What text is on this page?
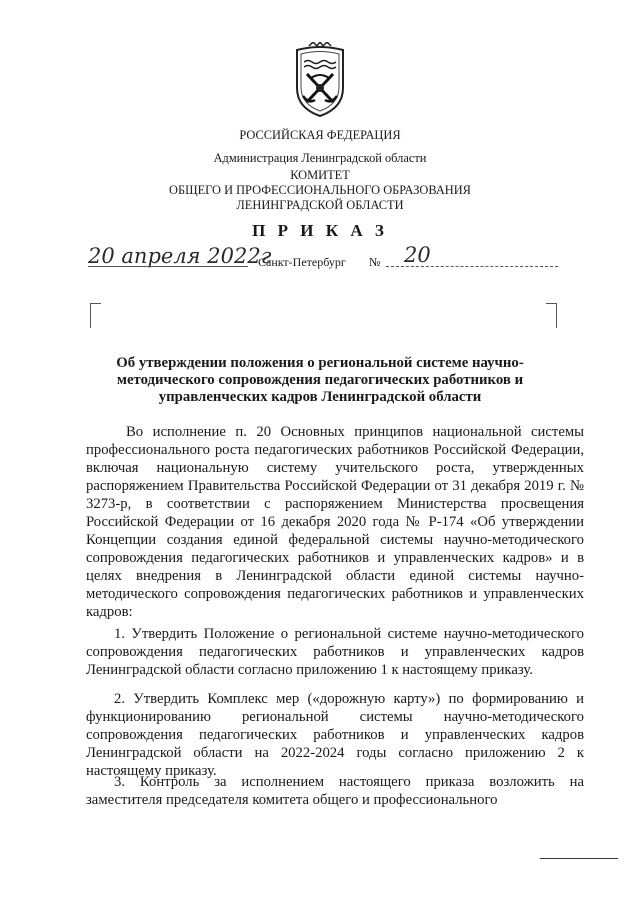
РОССИЙСКАЯ ФЕДЕРАЦИЯ
Администрация Ленинградской области
КОМИТЕТ
ОБЩЕГО И ПРОФЕССИОНАЛЬНОГО ОБРАЗОВАНИЯ
ЛЕНИНГРАДСКОЙ ОБЛАСТИ
П Р И К А З
20 апреля 2022г
Санкт-Петербург № 20
Об утверждении положения о региональной системе научно-
методического сопровождения педагогических работников и
управленческих кадров Ленинградской области
Во исполнение п. 20 Основных принципов национальной системы профессионального роста педагогических работников Российской Федерации, включая национальную систему учительского роста, утвержденных распоряжением Правительства Российской Федерации от 31 декабря 2019 г. № 3273-р, в соответствии с распоряжением Министерства просвещения Российской Федерации от 16 декабря 2020 года № Р-174 «Об утверждении Концепции создания единой федеральной системы научно-методического сопровождения педагогических работников и управленческих кадров» и в целях внедрения в Ленинградской области единой системы научно-методического сопровождения педагогических работников и управленческих кадров:
1. Утвердить Положение о региональной системе научно-методического сопровождения педагогических работников и управленческих кадров Ленинградской области согласно приложению 1 к настоящему приказу.
2. Утвердить Комплекс мер («дорожную карту») по формированию и функционированию региональной системы научно-методического сопровождения педагогических работников и управленческих кадров Ленинградской области на 2022-2024 годы согласно приложению 2 к настоящему приказу.
3. Контроль за исполнением настоящего приказа возложить на заместителя председателя комитета общего и профессионального
